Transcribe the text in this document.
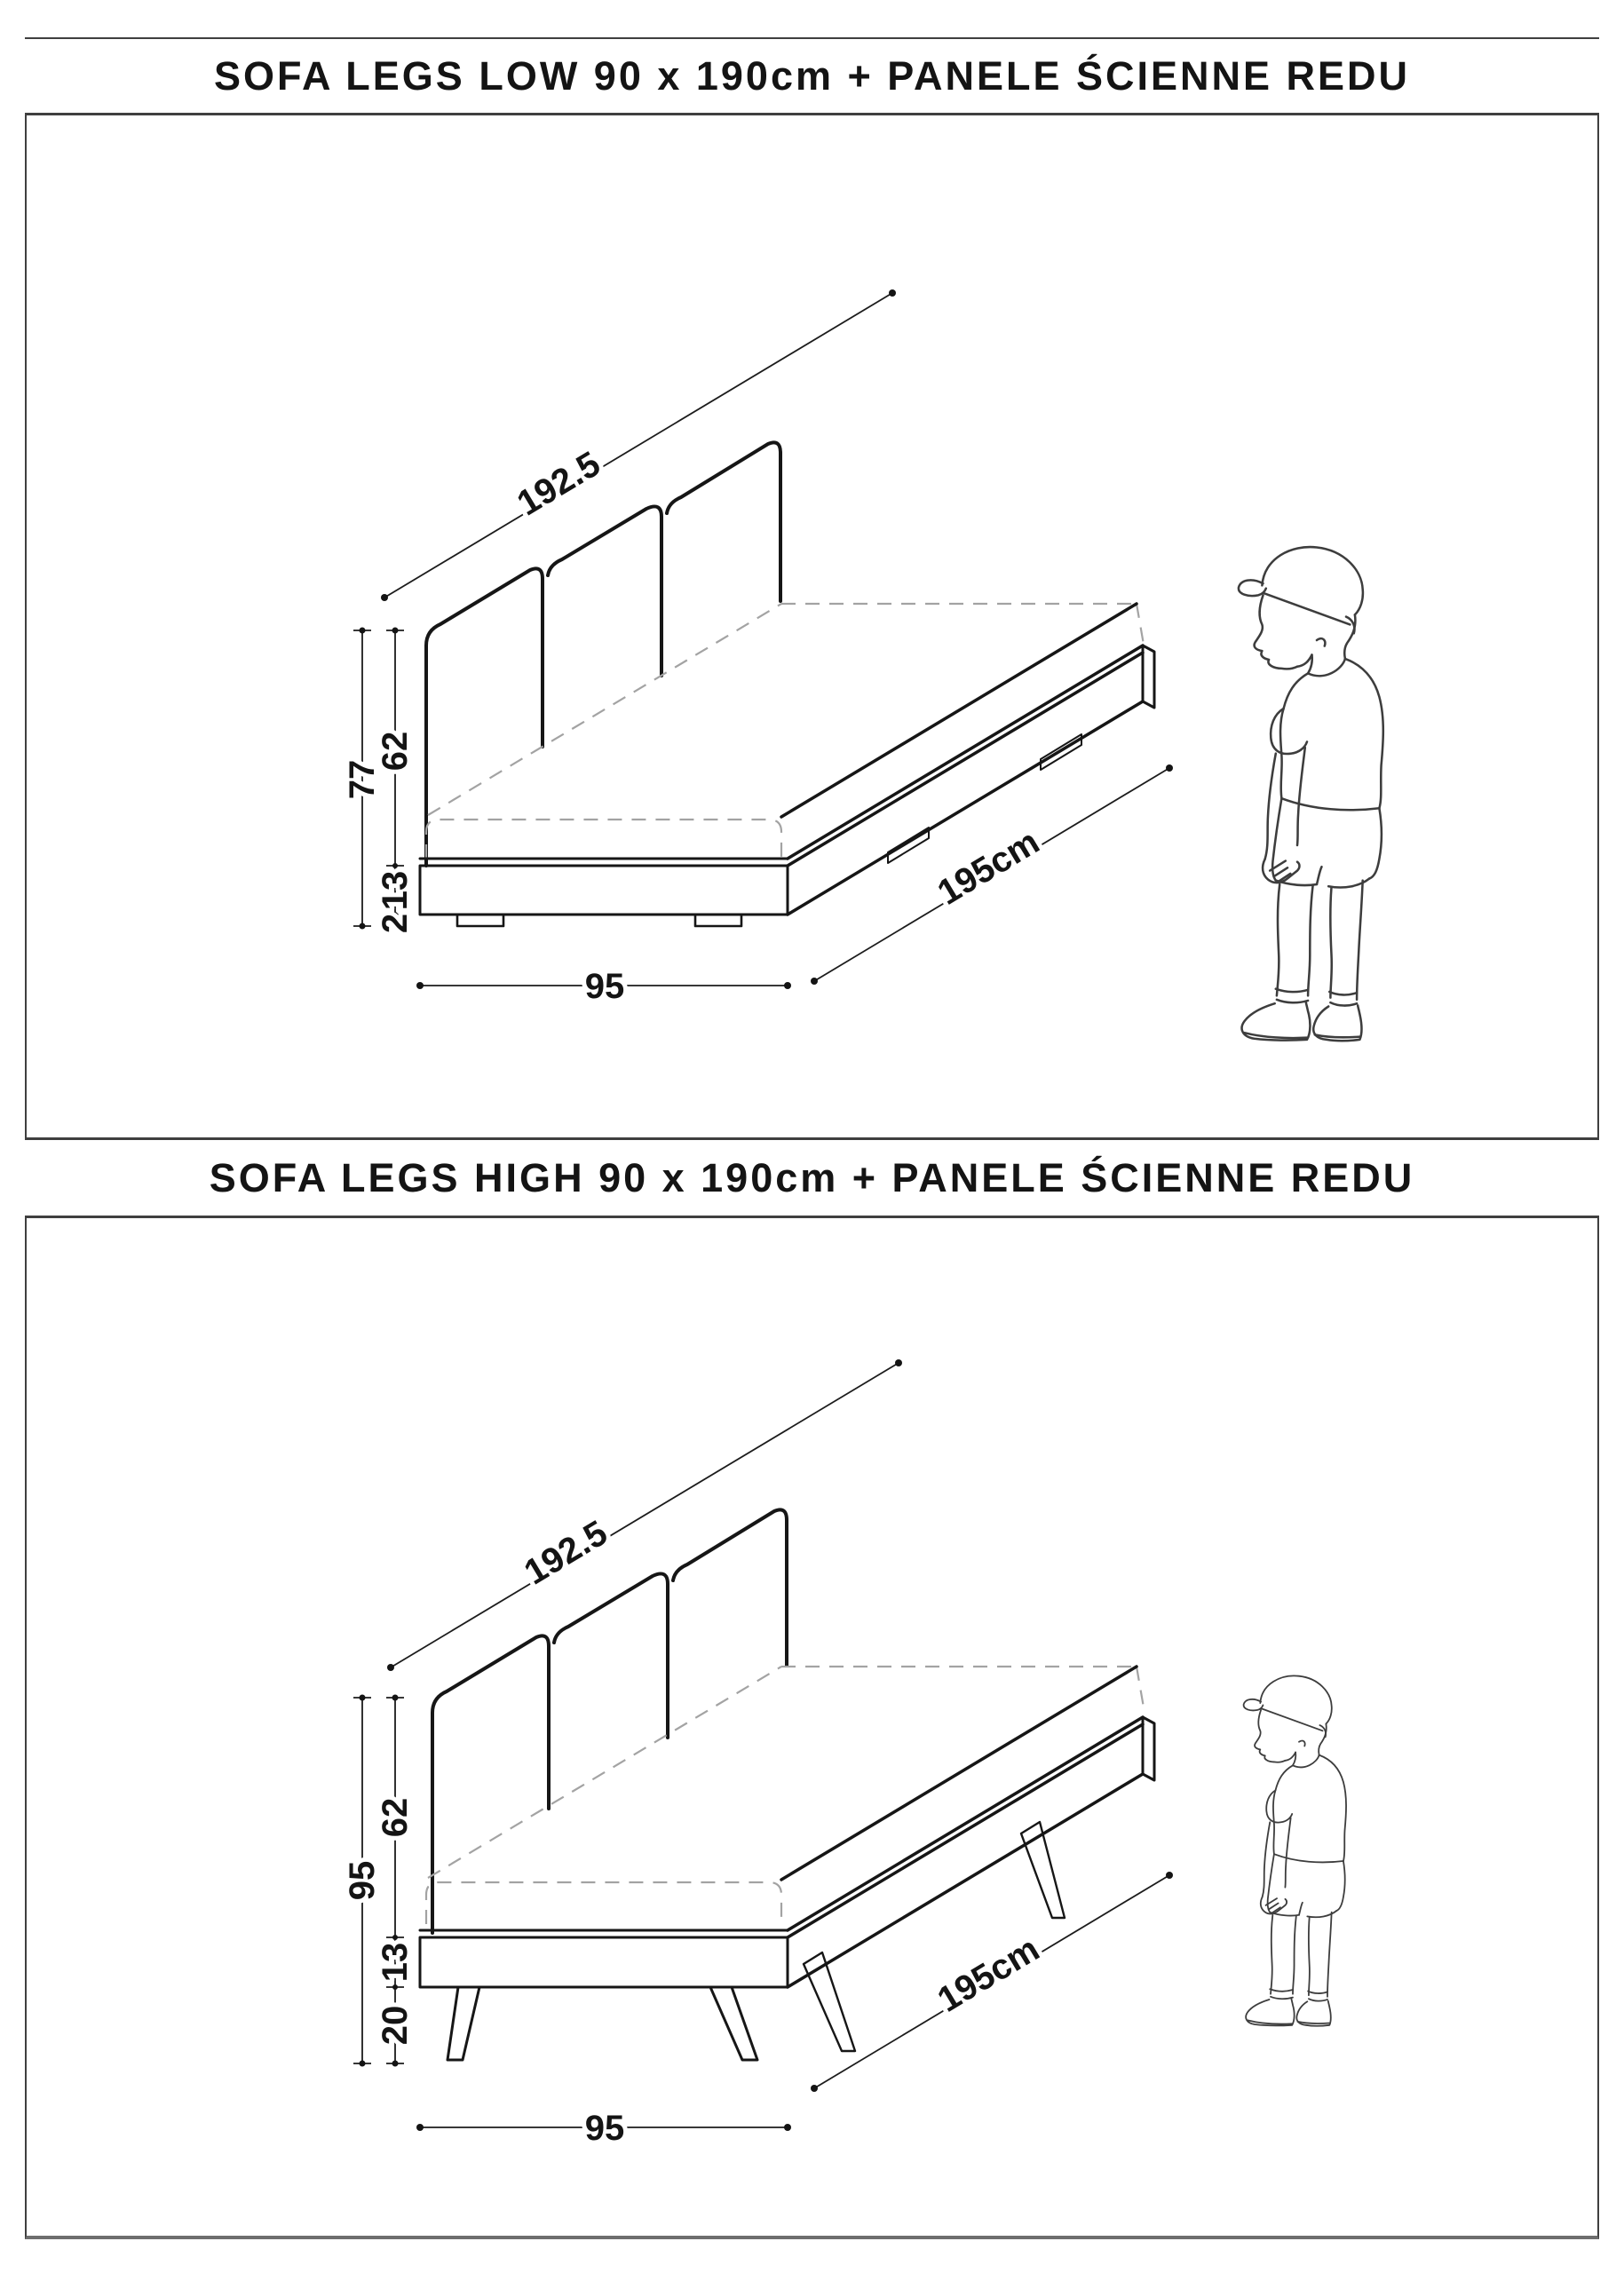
SOFA LEGS LOW 90 x 190cm + PANELE ŚCIENNE REDU
192.5
77
62
13
2
95
195cm
SOFA LEGS HIGH 90 x 190cm + PANELE ŚCIENNE REDU
192.5
95
62
13
20
95
195cm
